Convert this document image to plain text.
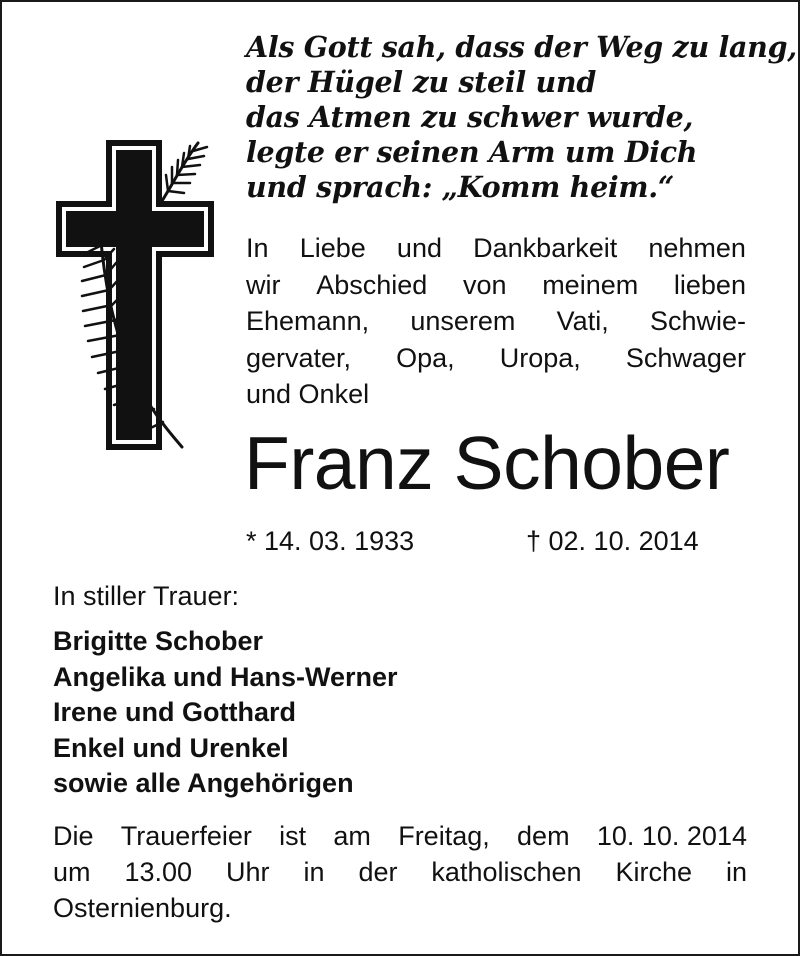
Als Gott sah, dass der Weg zu lang,
der Hügel zu steil und
das Atmen zu schwer wurde,
legte er seinen Arm um Dich
und sprach: „Komm heim.“
In Liebe und Dankbarkeit nehmen
wir Abschied von meinem lieben
Ehemann, unserem Vati, Schwie-
gervater, Opa, Uropa, Schwager
und Onkel
Franz Schober
* 14. 03. 1933	† 02. 10. 2014
In stiller Trauer:
Brigitte Schober
Angelika und Hans-Werner
Irene und Gotthard
Enkel und Urenkel
sowie alle Angehörigen
Die Trauerfeier ist am Freitag, dem 10. 10. 2014
um 13.00 Uhr in der katholischen Kirche in
Osternienburg.
